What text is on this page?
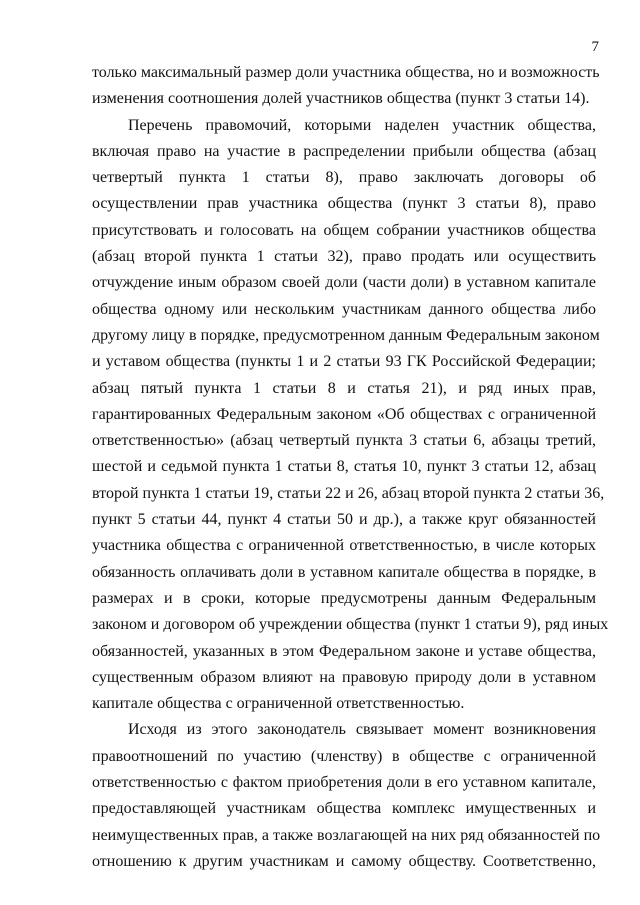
7
только максимальный размер доли участника общества, но и возможность
изменения соотношения долей участников общества (пункт 3 статьи 14).
Перечень правомочий, которыми наделен участник общества,
включая право на участие в распределении прибыли общества (абзац
четвертый пункта 1 статьи 8), право заключать договоры об
осуществлении прав участника общества (пункт 3 статьи 8), право
присутствовать и голосовать на общем собрании участников общества
(абзац второй пункта 1 статьи 32), право продать или осуществить
отчуждение иным образом своей доли (части доли) в уставном капитале
общества одному или нескольким участникам данного общества либо
другому лицу в порядке, предусмотренном данным Федеральным законом
и уставом общества (пункты 1 и 2 статьи 93 ГК Российской Федерации;
абзац пятый пункта 1 статьи 8 и статья 21), и ряд иных прав,
гарантированных Федеральным законом «Об обществах с ограниченной
ответственностью» (абзац четвертый пункта 3 статьи 6, абзацы третий,
шестой и седьмой пункта 1 статьи 8, статья 10, пункт 3 статьи 12, абзац
второй пункта 1 статьи 19, статьи 22 и 26, абзац второй пункта 2 статьи 36,
пункт 5 статьи 44, пункт 4 статьи 50 и др.), а также круг обязанностей
участника общества с ограниченной ответственностью, в числе которых
обязанность оплачивать доли в уставном капитале общества в порядке, в
размерах и в сроки, которые предусмотрены данным Федеральным
законом и договором об учреждении общества (пункт 1 статьи 9), ряд иных
обязанностей, указанных в этом Федеральном законе и уставе общества,
существенным образом влияют на правовую природу доли в уставном
капитале общества с ограниченной ответственностью.
Исходя из этого законодатель связывает момент возникновения
правоотношений по участию (членству) в обществе с ограниченной
ответственностью с фактом приобретения доли в его уставном капитале,
предоставляющей участникам общества комплекс имущественных и
неимущественных прав, а также возлагающей на них ряд обязанностей по
отношению к другим участникам и самому обществу. Соответственно,
